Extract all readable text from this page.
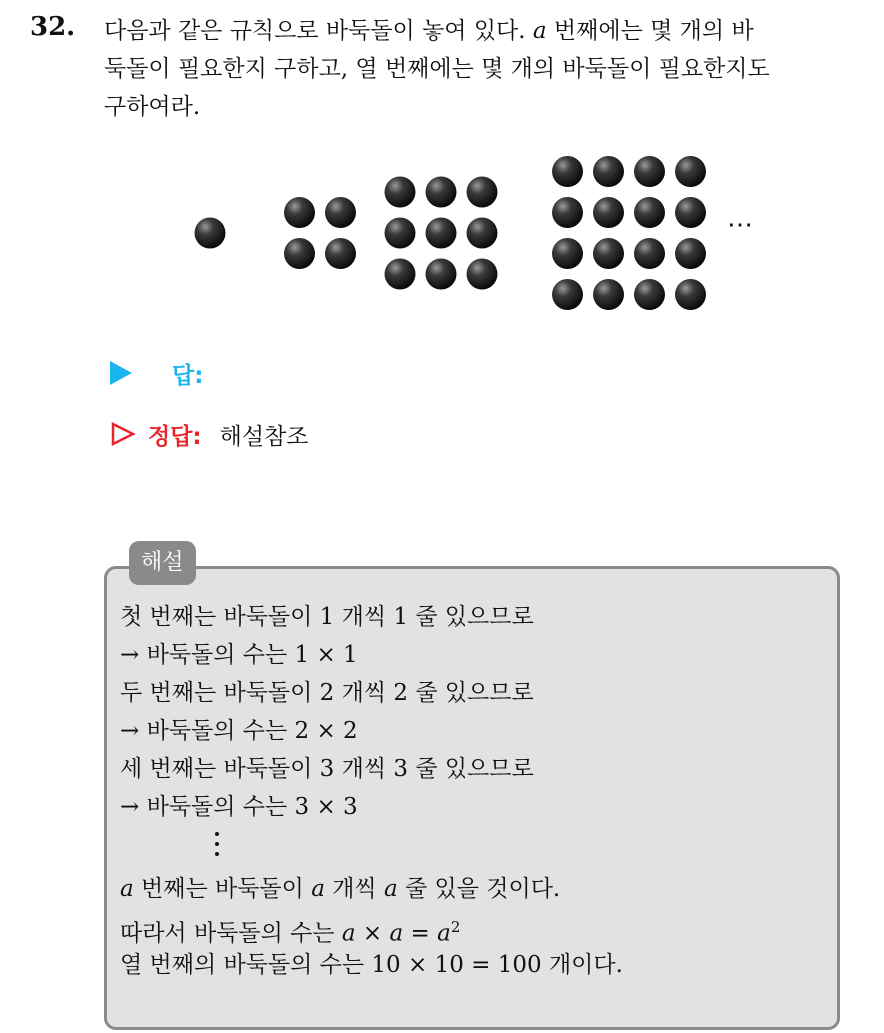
32. 다음과 같은 규칙으로 바둑돌이 놓여 있다. a 번째에는 몇 개의 바
둑돌이 필요한지 구하고, 열 번째에는 몇 개의 바둑돌이 필요한지도
구하여라.
⋯
답:
정답: 해설참조
해설
첫 번째는 바둑돌이 1 개씩 1 줄 있으므로
→ 바둑돌의 수는 1 × 1
두 번째는 바둑돌이 2 개씩 2 줄 있으므로
→ 바둑돌의 수는 2 × 2
세 번째는 바둑돌이 3 개씩 3 줄 있으므로
→ 바둑돌의 수는 3 × 3
a 번째는 바둑돌이 a 개씩 a 줄 있을 것이다.
따라서 바둑돌의 수는 $a \times a = a^2$
열 번째의 바둑돌의 수는 10 × 10 = 100 개이다.
